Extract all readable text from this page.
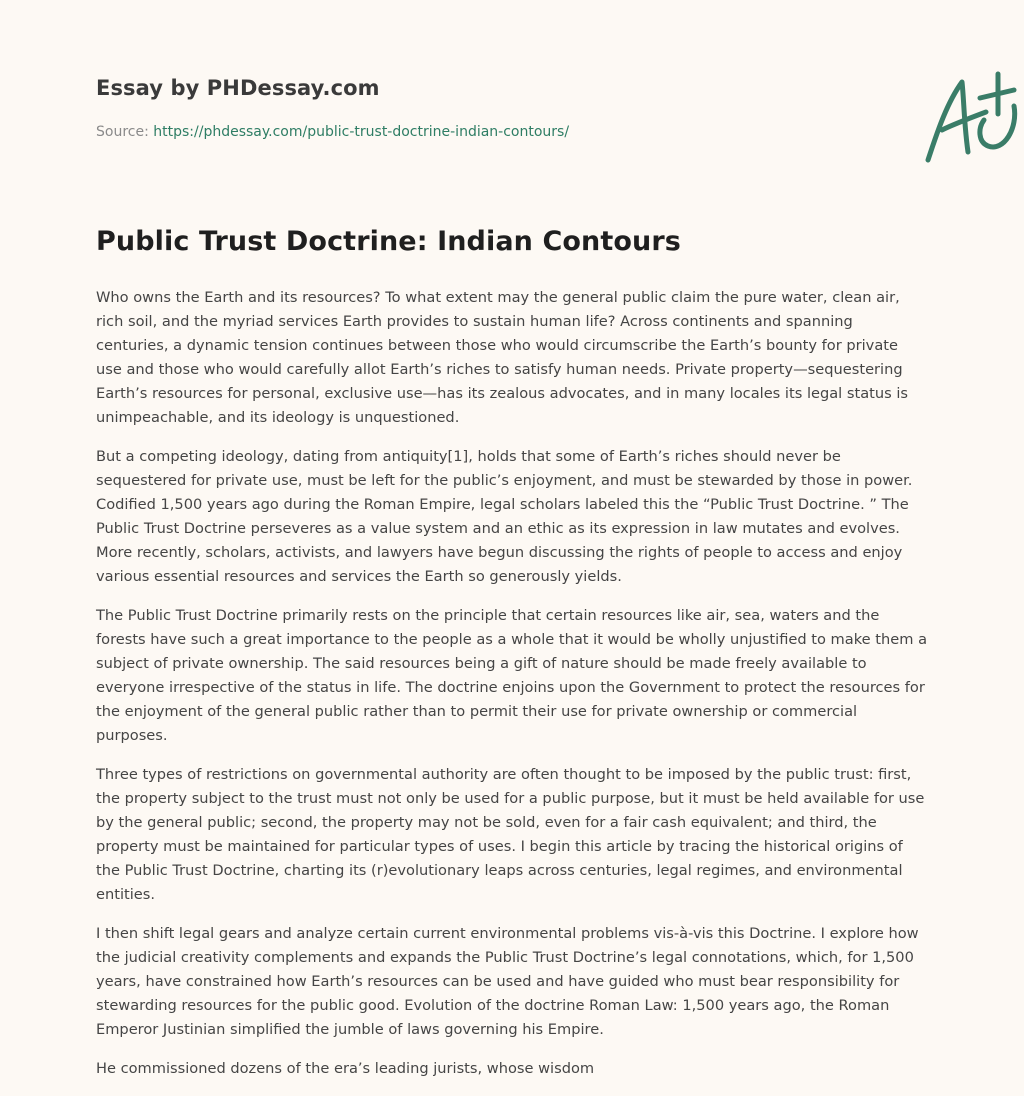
Essay by PHDessay.com

Source: https://phdessay.com/public-trust-doctrine-indian-contours/

Public Trust Doctrine: Indian Contours

Who owns the Earth and its resources? To what extent may the general public claim the pure water, clean air, rich soil, and the myriad services Earth provides to sustain human life? Across continents and spanning centuries, a dynamic tension continues between those who would circumscribe the Earth’s bounty for private use and those who would carefully allot Earth’s riches to satisfy human needs. Private property—sequestering Earth’s resources for personal, exclusive use—has its zealous advocates, and in many locales its legal status is unimpeachable, and its ideology is unquestioned.

But a competing ideology, dating from antiquity[1], holds that some of Earth’s riches should never be sequestered for private use, must be left for the public’s enjoyment, and must be stewarded by those in power. Codified 1,500 years ago during the Roman Empire, legal scholars labeled this the “Public Trust Doctrine. ” The Public Trust Doctrine perseveres as a value system and an ethic as its expression in law mutates and evolves. More recently, scholars, activists, and lawyers have begun discussing the rights of people to access and enjoy various essential resources and services the Earth so generously yields.

The Public Trust Doctrine primarily rests on the principle that certain resources like air, sea, waters and the forests have such a great importance to the people as a whole that it would be wholly unjustified to make them a subject of private ownership. The said resources being a gift of nature should be made freely available to everyone irrespective of the status in life. The doctrine enjoins upon the Government to protect the resources for the enjoyment of the general public rather than to permit their use for private ownership or commercial purposes.

Three types of restrictions on governmental authority are often thought to be imposed by the public trust: first, the property subject to the trust must not only be used for a public purpose, but it must be held available for use by the general public; second, the property may not be sold, even for a fair cash equivalent; and third, the property must be maintained for particular types of uses. I begin this article by tracing the historical origins of the Public Trust Doctrine, charting its (r)evolutionary leaps across centuries, legal regimes, and environmental entities.

I then shift legal gears and analyze certain current environmental problems vis-à-vis this Doctrine. I explore how the judicial creativity complements and expands the Public Trust Doctrine’s legal connotations, which, for 1,500 years, have constrained how Earth’s resources can be used and have guided who must bear responsibility for stewarding resources for the public good. Evolution of the doctrine Roman Law: 1,500 years ago, the Roman Emperor Justinian simplified the jumble of laws governing his Empire.

He commissioned dozens of the era’s leading jurists, whose wisdom
